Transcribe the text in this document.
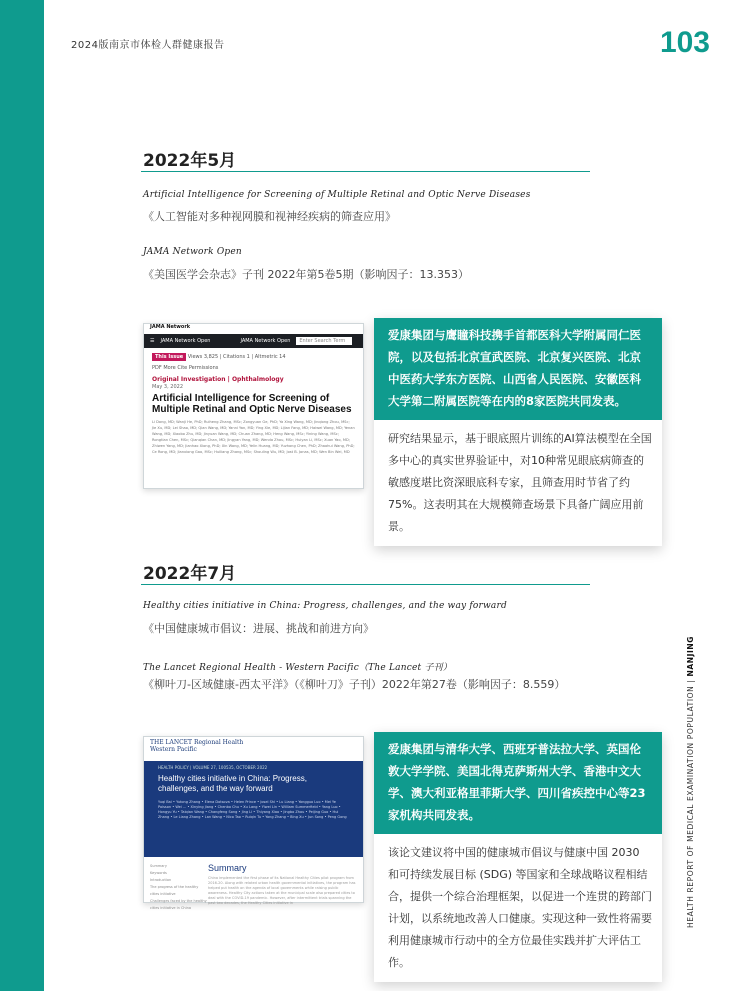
2024版南京市体检人群健康报告	103
2022年5月
Artificial Intelligence for Screening of Multiple Retinal and Optic Nerve Diseases
《人工智能对多种视网膜和视神经疾病的筛查应用》
JAMA Network Open
《美国医学会杂志》子刊 2022年第5卷5期（影响因子：13.353）
JAMA Network
☰ JAMA Network Open	JAMA Network Open	Enter Search Term
This Issue Views 3,825 | Citations 1 | Altmetric 14
PDF More Cite Permissions
Original Investigation | Ophthalmology
May 3, 2022
Artificial Intelligence for Screening of Multiple Retinal and Optic Nerve Diseases
Li Dong, MD; Wanji He, PhD; Ruiheng Zhang, MSc; Zongyuan Ge, PhD; Ya Xing Wang, MD; Jinqiong Zhou, MSc; Jie Xu, MD; Lei Shao, MD; Qian Wang, MD; Yanni Yan, MD; Ying Xie, MD; Lijian Fang, MD; Haiwei Wang, MD; Yenan Wang, MD; Xiaobo Zhu, MD; Jinyuan Wang, MD; Chuan Zhang, MD; Heng Wang, MSc; Yining Wang, MSc; Rongtian Chen, MSc; Qianqian Chan, MD; Jingyan Yang, MD; Wenda Zhou, MSc; Huiyan Li, MSc; Xuan Yao, MD; Zhiwen Yang, MD; Jianhao Xiong, PhD; Xin Wang, MD; Yelin Huang, MD; Yuzhong Chen, PhD; Zhaohui Wang, PhD; Ce Rong, MD; Jianxiong Gao, MSc; Huiliang Zhang, MSc; Shouling Wu, MD; Jost B. Jonas, MD; Wen Bin Wei, MD
爱康集团与鹰瞳科技携手首都医科大学附属同仁医院，以及包括北京宣武医院、北京复兴医院、北京中医药大学东方医院、山西省人民医院、安徽医科大学第二附属医院等在内的8家医院共同发表。
研究结果显示，基于眼底照片训练的AI算法模型在全国多中心的真实世界验证中，对10种常见眼底病筛查的敏感度堪比资深眼底科专家，且筛查用时节省了约75%。这表明其在大规模筛查场景下具备广阔应用前景。
2022年7月
Healthy cities initiative in China: Progress, challenges, and the way forward
《中国健康城市倡议：进展、挑战和前进方向》
The Lancet Regional Health - Western Pacific（The Lancet 子刊）
《柳叶刀-区域健康-西太平洋》（《柳叶刀》子刊）2022年第27卷（影响因子：8.559）
THE LANCET Regional Health
Western Pacific
HEALTH POLICY | VOLUME 27, 100535, OCTOBER 2022
Healthy cities initiative in China: Progress, challenges, and the way forward
Yuqi Bai • Yutong Zhang • Elena Dotsova • Helen Prince • Josel Shi • Lu Liang • Yongguo Luo • Mei Ye Poisson • Wei ... • Xinying Jiang • Chenbo Chu • Xu Lang • Yiwei Lin • William Summerfield • Yang Luo • Hongyu Yu • Taiqian Wang • Changfeng Song • Jing Li • Thiyang Xiao • Jingbo Zhou • Peijing Guo • Hui Zhang • Le Liang Zhang • Lan Wang • Nico Tao • Ruiqin Tu • Yong Zhang • Bing Xu • Jun Song • Peng Gong
Summary
Keywords
Introduction
The progress of the healthy cities initiative
Challenges faced by the healthy cities initiative in China
Summary
China implemented the first phase of its National Healthy Cities pilot program from 2016-20. Along with related urban health governmental initiatives, the program has helped put health on the agenda of local governments while raising public awareness. Healthy City actions taken at the municipal scale also prepared cities to deal with the COVID-19 pandemic. However, after intermittent trials spanning the past two decades, the Healthy Cities initiative in
爱康集团与清华大学、西班牙普法拉大学、英国伦敦大学学院、美国北得克萨斯州大学、香港中文大学、澳大利亚格里菲斯大学、四川省疾控中心等23家机构共同发表。
该论文建议将中国的健康城市倡议与健康中国 2030 和可持续发展目标 (SDG) 等国家和全球战略议程相结合，提供一个综合治理框架，以促进一个连贯的跨部门计划，以系统地改善人口健康。实现这种一致性将需要利用健康城市行动中的全方位最佳实践并扩大评估工作。
HEALTH REPORT OF MEDICAL EXAMINATION POPULATION | NANJING
